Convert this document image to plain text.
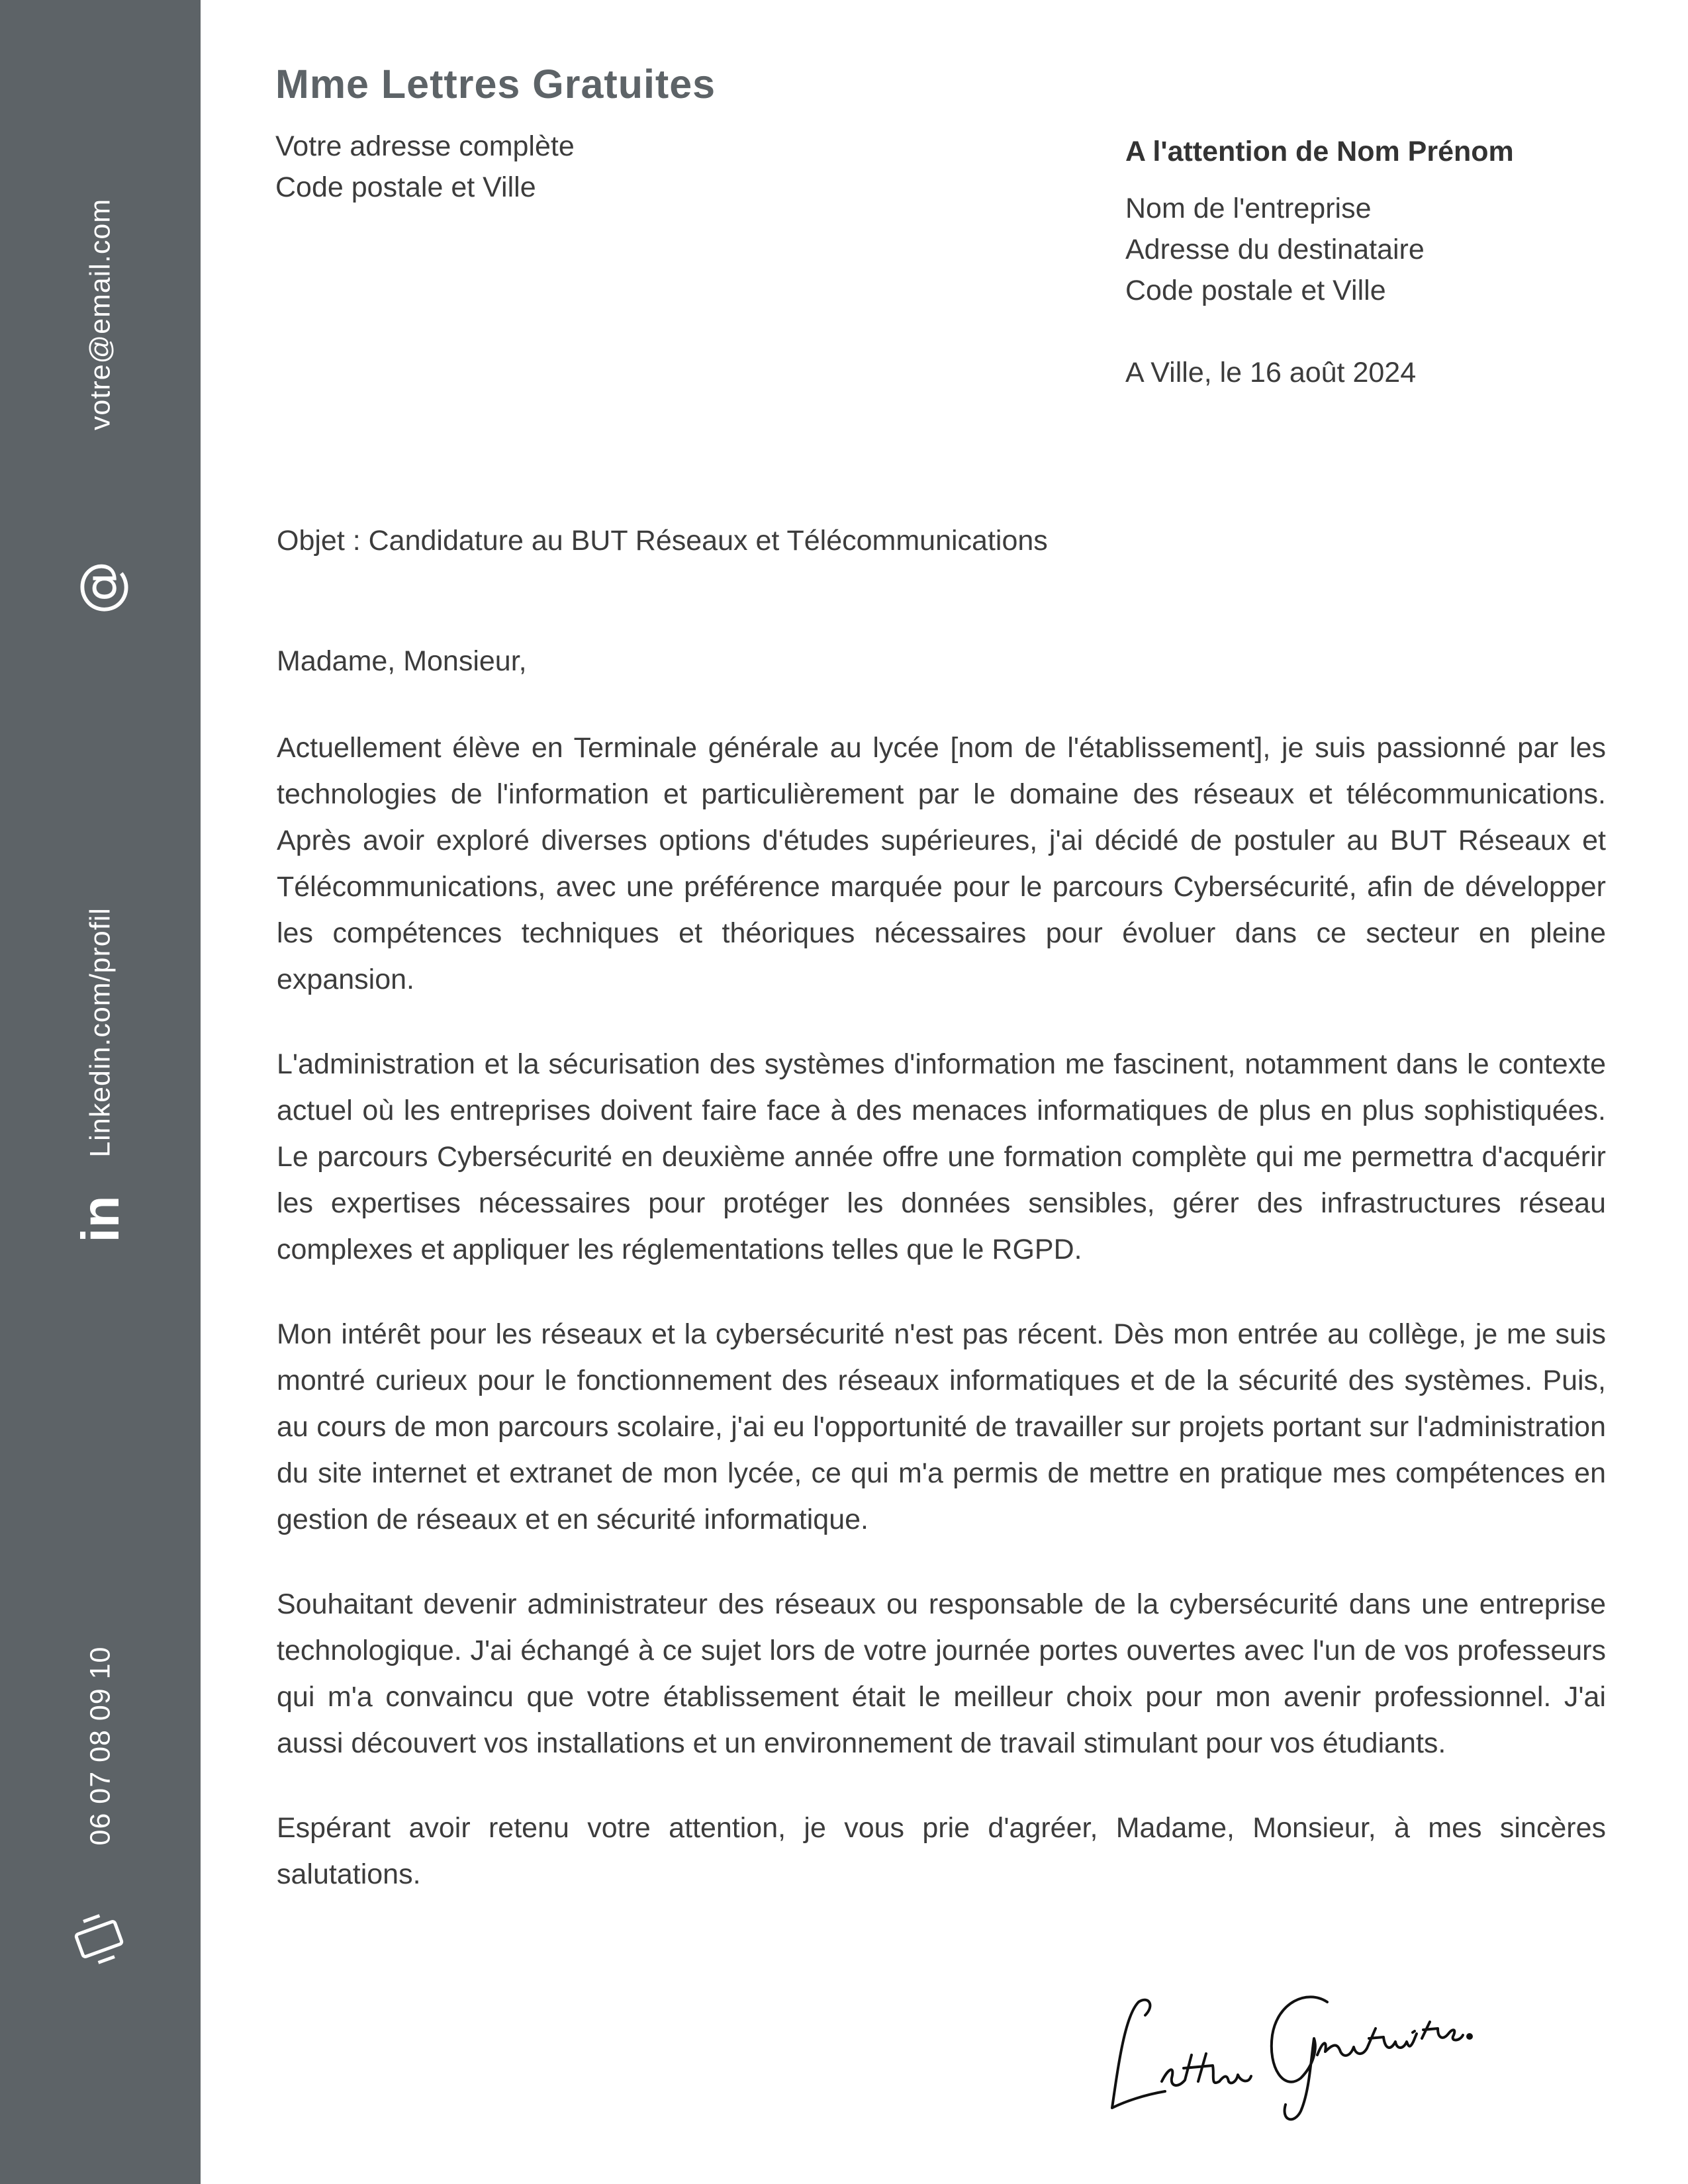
votre@email.com
@
Linkedin.com/profil
in
06 07 08 09 10
Mme Lettres Gratuites
Votre adresse complète
Code postale et Ville
A l'attention de Nom Prénom
Nom de l'entreprise
Adresse du destinataire
Code postale et Ville
A Ville, le 16 août 2024
Objet : Candidature au BUT Réseaux et Télécommunications
Madame, Monsieur,

Actuellement élève en Terminale générale au lycée [nom de l'établissement], je suis passionné par les technologies de l'information et particulièrement par le domaine des réseaux et télécommunications. Après avoir exploré diverses options d'études supérieures, j'ai décidé de postuler au BUT Réseaux et Télécommunications, avec une préférence marquée pour le parcours Cybersécurité, afin de développer les compétences techniques et théoriques nécessaires pour évoluer dans ce secteur en pleine expansion.

L'administration et la sécurisation des systèmes d'information me fascinent, notamment dans le contexte actuel où les entreprises doivent faire face à des menaces informatiques de plus en plus sophistiquées. Le parcours Cybersécurité en deuxième année offre une formation complète qui me permettra d'acquérir les expertises nécessaires pour protéger les données sensibles, gérer des infrastructures réseau complexes et appliquer les réglementations telles que le RGPD.

Mon intérêt pour les réseaux et la cybersécurité n'est pas récent. Dès mon entrée au collège, je me suis montré curieux pour le fonctionnement des réseaux informatiques et de la sécurité des systèmes. Puis, au cours de mon parcours scolaire, j'ai eu l'opportunité de travailler sur projets portant sur l'administration du site internet et extranet de mon lycée, ce qui m'a permis de mettre en pratique mes compétences en gestion de réseaux et en sécurité informatique.

Souhaitant devenir administrateur des réseaux ou responsable de la cybersécurité dans une entreprise technologique. J'ai échangé à ce sujet lors de votre journée portes ouvertes avec l'un de vos professeurs qui m'a convaincu que votre établissement était le meilleur choix pour mon avenir professionnel. J'ai aussi découvert vos installations et un environnement de travail stimulant pour vos étudiants.

Espérant avoir retenu votre attention, je vous prie d'agréer, Madame, Monsieur, à mes sincères salutations.
